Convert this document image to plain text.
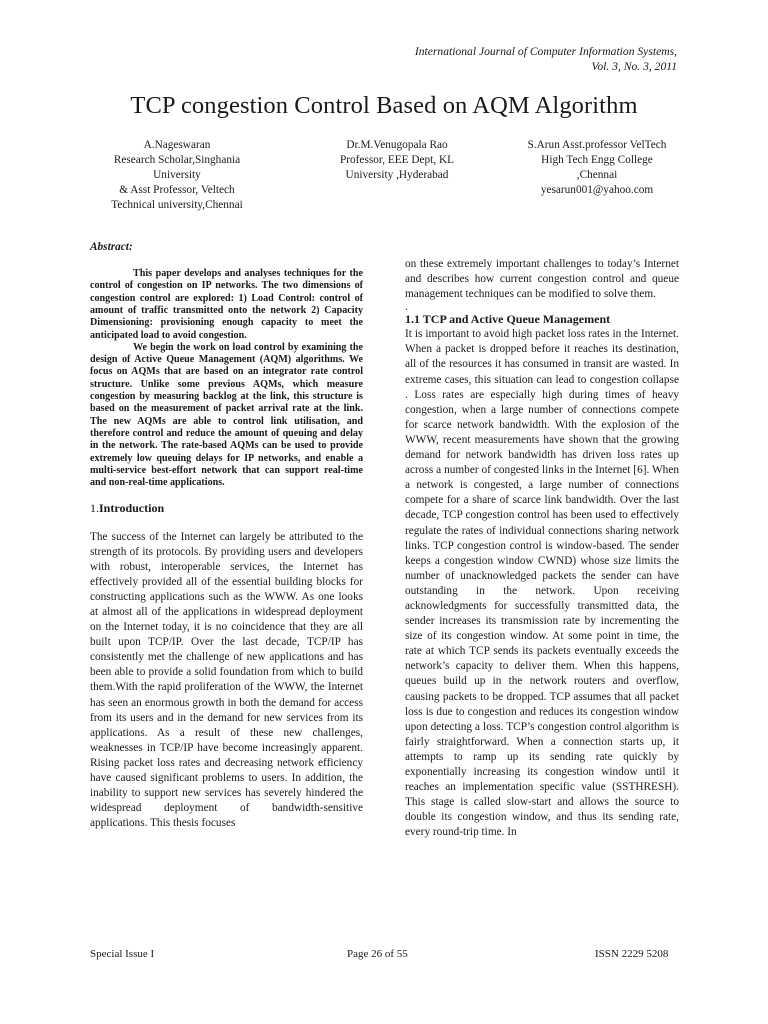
International Journal of Computer Information Systems,
Vol. 3, No. 3, 2011
TCP congestion Control Based on AQM Algorithm
A.Nageswaran
Research Scholar,Singhania
University
& Asst Professor, Veltech
Technical university,Chennai
Dr.M.Venugopala Rao
Professor, EEE Dept, KL
University ,Hyderabad
S.Arun Asst.professor VelTech
High Tech Engg College
,Chennai
yesarun001@yahoo.com
Abstract:

This paper develops and analyses techniques for the control of congestion on IP networks. The two dimensions of congestion control are explored: 1) Load Control: control of amount of traffic transmitted onto the network 2) Capacity Dimensioning: provisioning enough capacity to meet the anticipated load to avoid congestion.

We begin the work on load control by examining the design of Active Queue Management (AQM) algorithms. We focus on AQMs that are based on an integrator rate control structure. Unlike some previous AQMs, which measure congestion by measuring backlog at the link, this structure is based on the measurement of packet arrival rate at the link. The new AQMs are able to control link utilisation, and therefore control and reduce the amount of queuing and delay in the network. The rate-based AQMs can be used to provide extremely low queuing delays for IP networks, and enable a multi-service best-effort network that can support real-time and non-real-time applications.

1.Introduction

The success of the Internet can largely be attributed to the strength of its protocols. By providing users and developers with robust, interoperable services, the Internet has effectively provided all of the essential building blocks for constructing applications such as the WWW. As one looks at almost all of the applications in widespread deployment on the Internet today, it is no coincidence that they are all built upon TCP/IP. Over the last decade, TCP/IP has consistently met the challenge of new applications and has been able to provide a solid foundation from which to build them.With the rapid proliferation of the WWW, the Internet has seen an enormous growth in both the demand for access from its users and in the demand for new services from its applications. As a result of these new challenges, weaknesses in TCP/IP have become increasingly apparent. Rising packet loss rates and decreasing network efficiency have caused significant problems to users. In addition, the inability to support new services has severely hindered the widespread deployment of bandwidth-sensitive applications. This thesis focuses

on these extremely important challenges to today’s Internet and describes how current congestion control and queue management techniques can be modified to solve them.

.

1.1 TCP and Active Queue Management

It is important to avoid high packet loss rates in the Internet. When a packet is dropped before it reaches its destination, all of the resources it has consumed in transit are wasted. In extreme cases, this situation can lead to congestion collapse . Loss rates are especially high during times of heavy congestion, when a large number of connections compete for scarce network bandwidth. With the explosion of the WWW, recent measurements have shown that the growing demand for network bandwidth has driven loss rates up across a number of congested links in the Internet [6]. When a network is congested, a large number of connections compete for a share of scarce link bandwidth. Over the last decade, TCP congestion control has been used to effectively regulate the rates of individual connections sharing network links. TCP congestion control is window-based. The sender keeps a congestion window CWND) whose size limits the number of unacknowledged packets the sender can have outstanding in the network. Upon receiving acknowledgments for successfully transmitted data, the sender increases its transmission rate by incrementing the size of its congestion window. At some point in time, the rate at which TCP sends its packets eventually exceeds the network’s capacity to deliver them. When this happens, queues build up in the network routers and overflow, causing packets to be dropped. TCP assumes that all packet loss is due to congestion and reduces its congestion window upon detecting a loss. TCP’s congestion control algorithm is fairly straightforward. When a connection starts up, it attempts to ramp up its sending rate quickly by exponentially increasing its congestion window until it reaches an implementation specific value (SSTHRESH). This stage is called slow-start and allows the source to double its congestion window, and thus its sending rate, every round-trip time. In

Special Issue I	Page 26 of 55	ISSN 2229 5208
